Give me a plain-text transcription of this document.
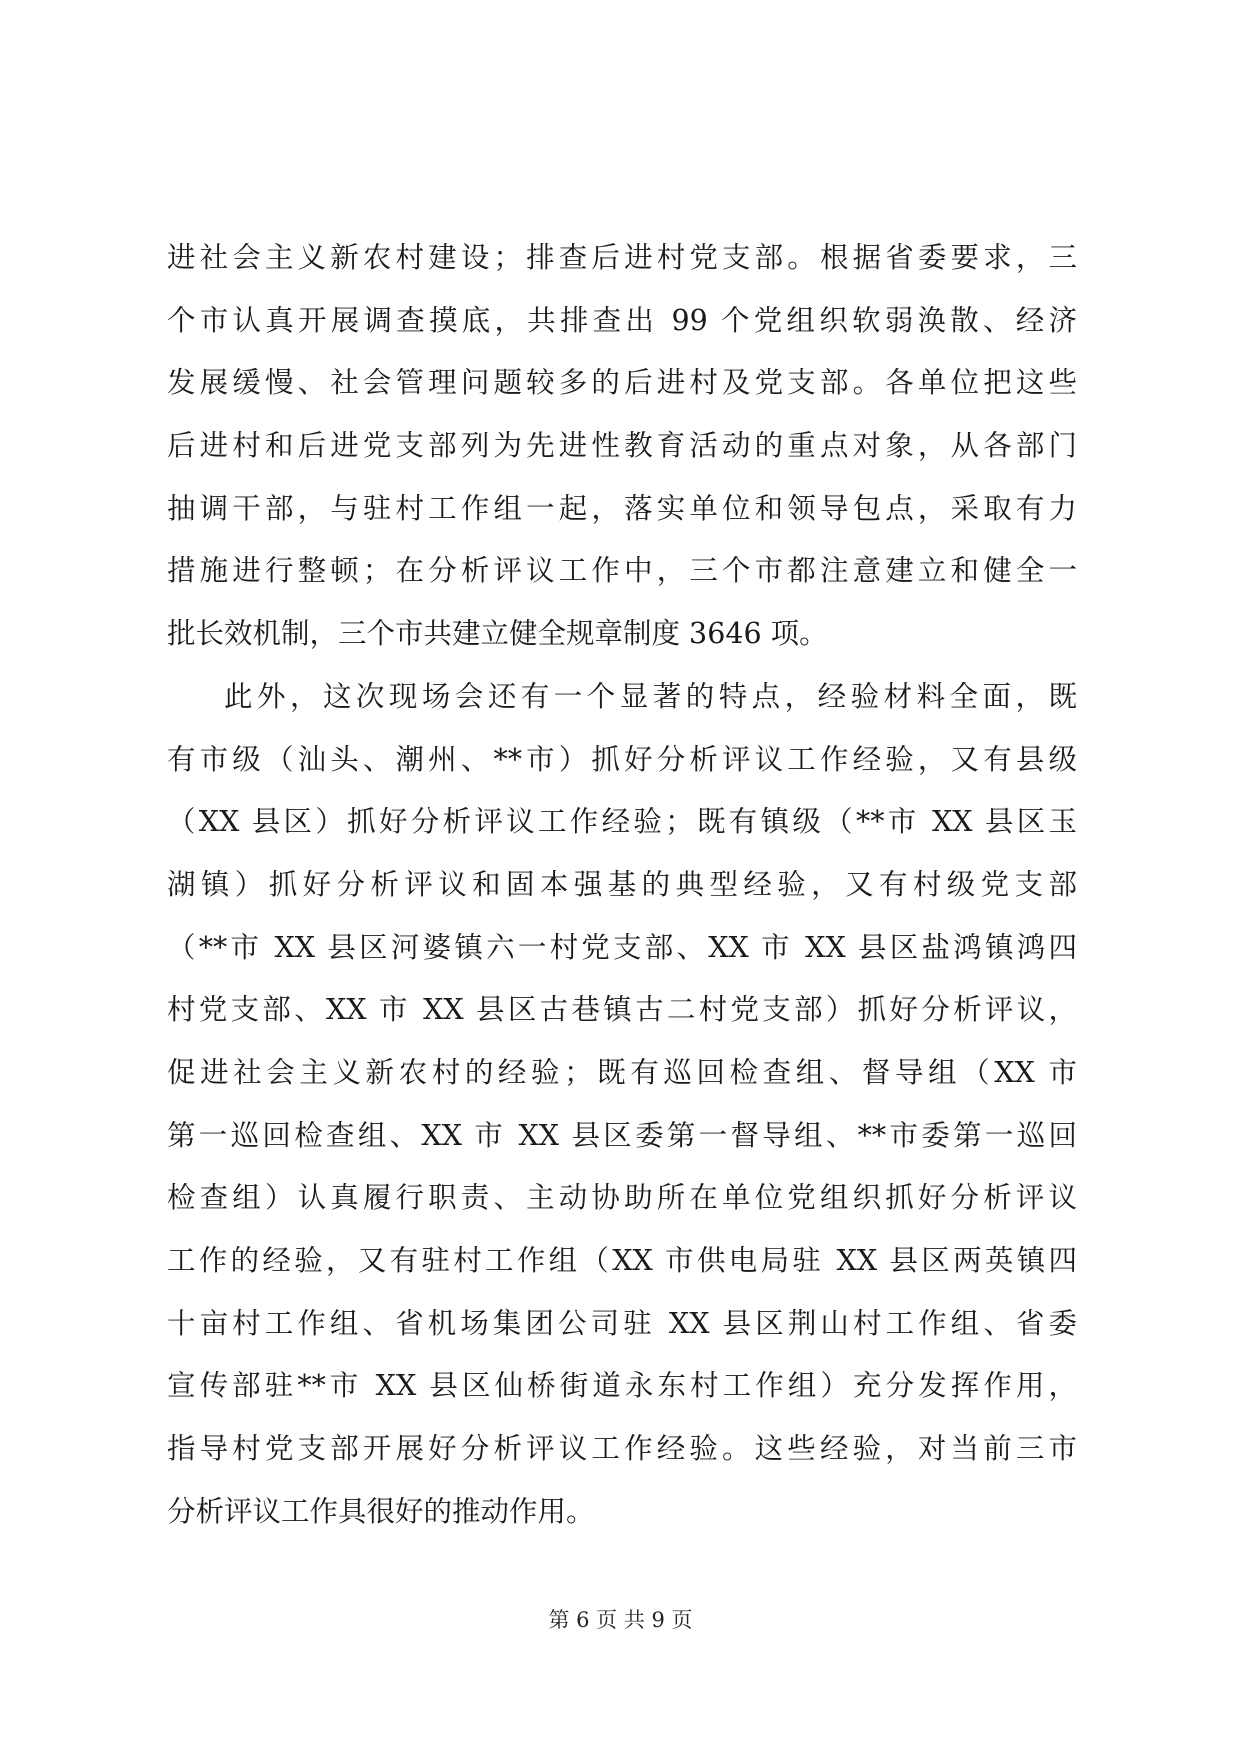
进社会主义新农村建设；排查后进村党支部。根据省委要求，三
个市认真开展调查摸底，共排查出 99 个党组织软弱涣散、经济
发展缓慢、社会管理问题较多的后进村及党支部。各单位把这些
后进村和后进党支部列为先进性教育活动的重点对象，从各部门
抽调干部，与驻村工作组一起，落实单位和领导包点，采取有力
措施进行整顿；在分析评议工作中，三个市都注意建立和健全一
批长效机制，三个市共建立健全规章制度 3646 项。
此外，这次现场会还有一个显著的特点，经验材料全面，既
有市级（汕头、潮州、**市）抓好分析评议工作经验，又有县级
（XX 县区）抓好分析评议工作经验；既有镇级（**市 XX 县区玉
湖镇）抓好分析评议和固本强基的典型经验，又有村级党支部
（**市 XX 县区河婆镇六一村党支部、XX 市 XX 县区盐鸿镇鸿四
村党支部、XX 市 XX 县区古巷镇古二村党支部）抓好分析评议，
促进社会主义新农村的经验；既有巡回检查组、督导组（XX 市
第一巡回检查组、XX 市 XX 县区委第一督导组、**市委第一巡回
检查组）认真履行职责、主动协助所在单位党组织抓好分析评议
工作的经验，又有驻村工作组（XX 市供电局驻 XX 县区两英镇四
十亩村工作组、省机场集团公司驻 XX 县区荆山村工作组、省委
宣传部驻**市 XX 县区仙桥街道永东村工作组）充分发挥作用，
指导村党支部开展好分析评议工作经验。这些经验，对当前三市
分析评议工作具很好的推动作用。
第 6 页 共 9 页
